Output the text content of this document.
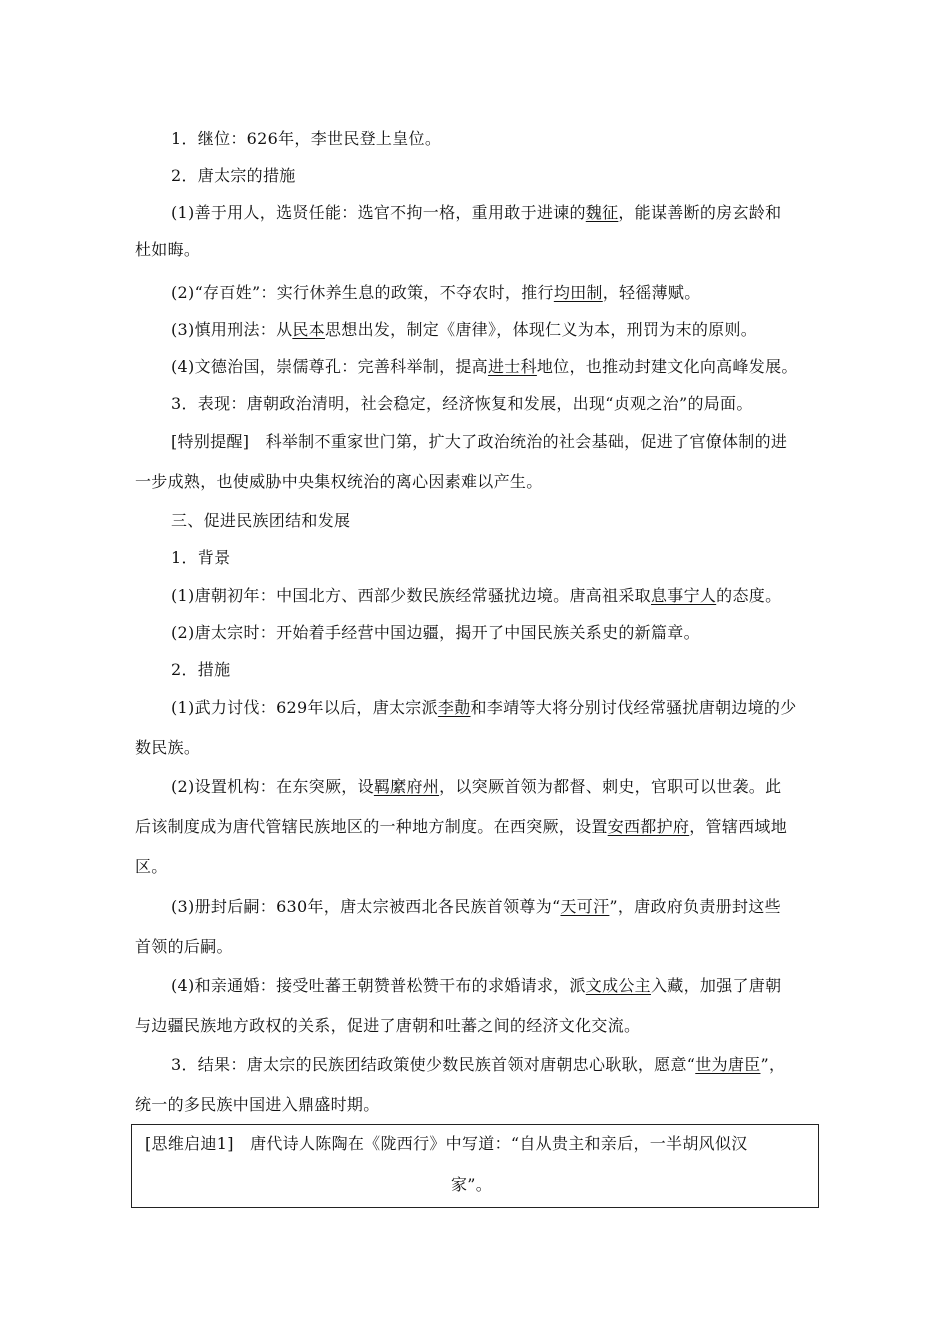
1．继位：626年，李世民登上皇位。
2．唐太宗的措施
(1)善于用人，选贤任能：选官不拘一格，重用敢于进谏的魏征，能谋善断的房玄龄和
杜如晦。
(2)“存百姓”：实行休养生息的政策，不夺农时，推行均田制，轻徭薄赋。
(3)慎用刑法：从民本思想出发，制定《唐律》，体现仁义为本，刑罚为末的原则。
(4)文德治国，崇儒尊孔：完善科举制，提高进士科地位，也推动封建文化向高峰发展。
3．表现：唐朝政治清明，社会稳定，经济恢复和发展，出现“贞观之治”的局面。
[特别提醒]　科举制不重家世门第，扩大了政治统治的社会基础，促进了官僚体制的进
一步成熟，也使威胁中央集权统治的离心因素难以产生。
三、促进民族团结和发展
1．背景
(1)唐朝初年：中国北方、西部少数民族经常骚扰边境。唐高祖采取息事宁人的态度。
(2)唐太宗时：开始着手经营中国边疆，揭开了中国民族关系史的新篇章。
2．措施
(1)武力讨伐：629年以后，唐太宗派李勣和李靖等大将分别讨伐经常骚扰唐朝边境的少
数民族。
(2)设置机构：在东突厥，设羁縻府州，以突厥首领为都督、刺史，官职可以世袭。此
后该制度成为唐代管辖民族地区的一种地方制度。在西突厥，设置安西都护府，管辖西域地
区。
(3)册封后嗣：630年，唐太宗被西北各民族首领尊为“天可汗”，唐政府负责册封这些
首领的后嗣。
(4)和亲通婚：接受吐蕃王朝赞普松赞干布的求婚请求，派文成公主入藏，加强了唐朝
与边疆民族地方政权的关系，促进了唐朝和吐蕃之间的经济文化交流。
3．结果：唐太宗的民族团结政策使少数民族首领对唐朝忠心耿耿，愿意“世为唐臣”，
统一的多民族中国进入鼎盛时期。
[思维启迪1]　唐代诗人陈陶在《陇西行》中写道：“自从贵主和亲后，一半胡风似汉
家”。
